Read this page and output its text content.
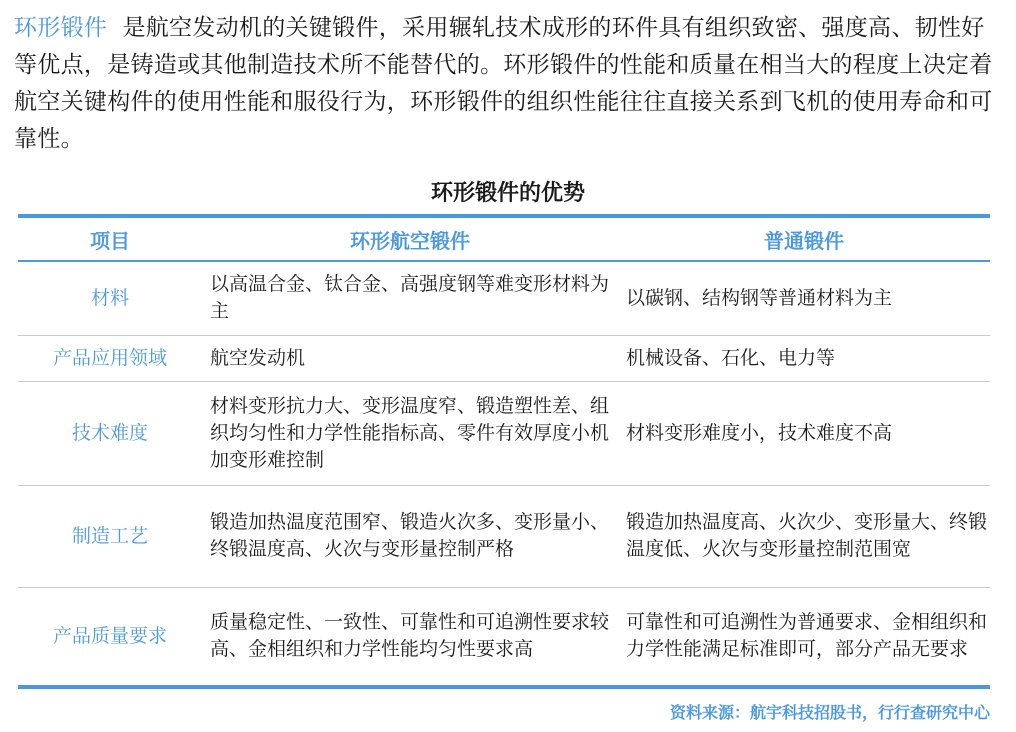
环形锻件 是航空发动机的关键锻件，采用辗轧技术成形的环件具有组织致密、强度高、韧性好等优点，是铸造或其他制造技术所不能替代的。环形锻件的性能和质量在相当大的程度上决定着航空关键构件的使用性能和服役行为，环形锻件的组织性能往往直接关系到飞机的使用寿命和可靠性。

环形锻件的优势
项目	环形航空锻件	普通锻件
材料	以高温合金、钛合金、高强度钢等难变形材料为主	以碳钢、结构钢等普通材料为主
产品应用领域	航空发动机	机械设备、石化、电力等
技术难度	材料变形抗力大、变形温度窄、锻造塑性差、组织均匀性和力学性能指标高、零件有效厚度小机加变形难控制	材料变形难度小，技术难度不高
制造工艺	锻造加热温度范围窄、锻造火次多、变形量小、终锻温度高、火次与变形量控制严格	锻造加热温度高、火次少、变形量大、终锻温度低、火次与变形量控制范围宽
产品质量要求	质量稳定性、一致性、可靠性和可追溯性要求较高、金相组织和力学性能均匀性要求高	可靠性和可追溯性为普通要求、金相组织和力学性能满足标准即可，部分产品无要求
资料来源：航宇科技招股书，行行查研究中心
